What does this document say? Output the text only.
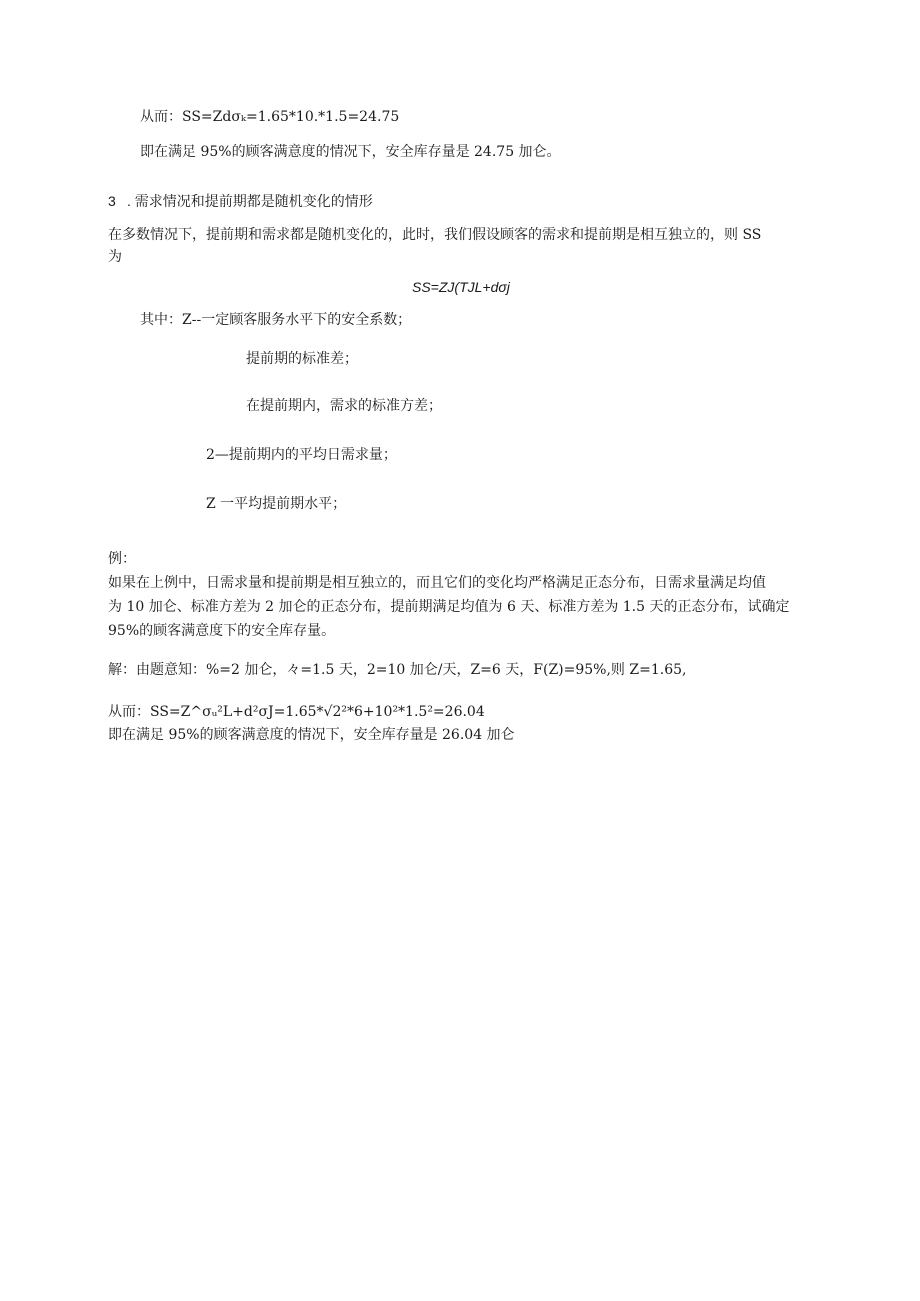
从而：SS=Zdσₖ=1.65*10.*1.5=24.75
即在满足 95%的顾客满意度的情况下，安全库存量是 24.75 加仑。
3 . 需求情况和提前期都是随机变化的情形
在多数情况下，提前期和需求都是随机变化的，此时，我们假设顾客的需求和提前期是相互独立的，则 SS
为
SS=ZJ(TJL+dσj
其中：Z--一定顾客服务水平下的安全系数；
提前期的标准差；
在提前期内，需求的标准方差；
2—提前期内的平均日需求量；
Z 一平均提前期水平；
例：
如果在上例中，日需求量和提前期是相互独立的，而且它们的变化均严格满足正态分布，日需求量满足均值
为 10 加仑、标准方差为 2 加仑的正态分布，提前期满足均值为 6 天、标准方差为 1.5 天的正态分布，试确定
95%的顾客满意度下的安全库存量。
解：由题意知：%=2 加仑，々=1.5 天，2=10 加仑/天，Z=6 天，F(Z)=95%,则 Z=1.65,
从而：SS=Z^σᵤ²L+d²σJ=1.65*√2²*6+10²*1.5²=26.04
即在满足 95%的顾客满意度的情况下，安全库存量是 26.04 加仑
